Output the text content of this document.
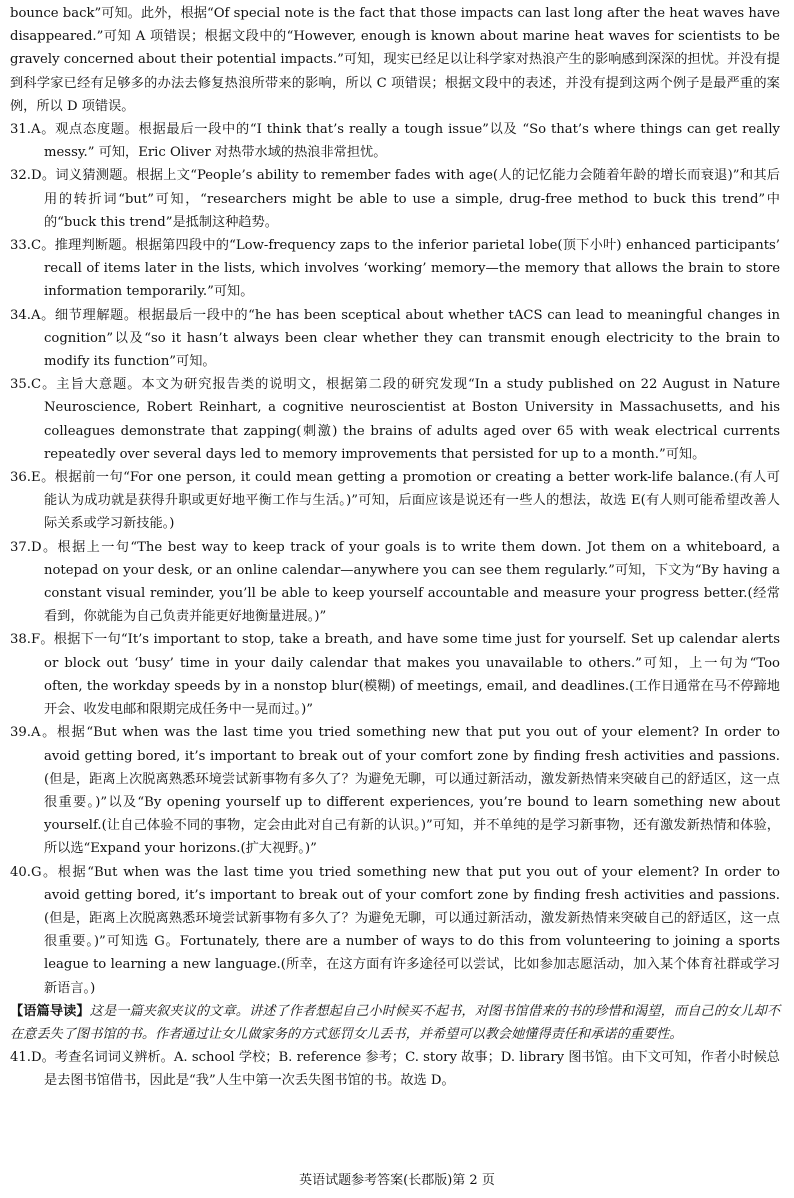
bounce back”可知。此外，根据“Of special note is the fact that those impacts can last long after the heat waves have disappeared.”可知 A 项错误；根据文段中的“However, enough is known about marine heat waves for scientists to be gravely concerned about their potential impacts.”可知，现实已经足以让科学家对热浪产生的影响感到深深的担忧。并没有提到科学家已经有足够多的办法去修复热浪所带来的影响，所以 C 项错误；根据文段中的表述，并没有提到这两个例子是最严重的案例，所以 D 项错误。

31.A。观点态度题。根据最后一段中的“I think that’s really a tough issue”以及 “So that’s where things can get really messy.” 可知，Eric Oliver 对热带水域的热浪非常担忧。

32.D。词义猜测题。根据上文“People’s ability to remember fades with age(人的记忆能力会随着年龄的增长而衰退)”和其后用的转折词“but”可知，“researchers might be able to use a simple, drug-free method to buck this trend”中的“buck this trend”是抵制这种趋势。

33.C。推理判断题。根据第四段中的“Low-frequency zaps to the inferior parietal lobe(顶下小叶) enhanced participants’ recall of items later in the lists, which involves ‘working’ memory—the memory that allows the brain to store information temporarily.”可知。

34.A。细节理解题。根据最后一段中的“he has been sceptical about whether tACS can lead to meaningful changes in cognition”以及“so it hasn’t always been clear whether they can transmit enough electricity to the brain to modify its function”可知。

35.C。主旨大意题。本文为研究报告类的说明文，根据第二段的研究发现“In a study published on 22 August in Nature Neuroscience, Robert Reinhart, a cognitive neuroscientist at Boston University in Massachusetts, and his colleagues demonstrate that zapping(刺激) the brains of adults aged over 65 with weak electrical currents repeatedly over several days led to memory improvements that persisted for up to a month.”可知。

36.E。根据前一句“For one person, it could mean getting a promotion or creating a better work-life balance.(有人可能认为成功就是获得升职或更好地平衡工作与生活。)”可知，后面应该是说还有一些人的想法，故选 E(有人则可能希望改善人际关系或学习新技能。)

37.D。根据上一句“The best way to keep track of your goals is to write them down. Jot them on a whiteboard, a notepad on your desk, or an online calendar—anywhere you can see them regularly.”可知，下文为“By having a constant visual reminder, you’ll be able to keep yourself accountable and measure your progress better.(经常看到，你就能为自己负责并能更好地衡量进展。)”

38.F。根据下一句“It’s important to stop, take a breath, and have some time just for yourself. Set up calendar alerts or block out ‘busy’ time in your daily calendar that makes you unavailable to others.”可知，上一句为“Too often, the workday speeds by in a nonstop blur(模糊) of meetings, email, and deadlines.(工作日通常在马不停蹄地开会、收发电邮和限期完成任务中一晃而过。)”

39.A。根据“But when was the last time you tried something new that put you out of your element? In order to avoid getting bored, it’s important to break out of your comfort zone by finding fresh activities and passions.(但是，距离上次脱离熟悉环境尝试新事物有多久了？为避免无聊，可以通过新活动，激发新热情来突破自己的舒适区，这一点很重要。)”以及“By opening yourself up to different experiences, you’re bound to learn something new about yourself.(让自己体验不同的事物，定会由此对自己有新的认识。)”可知，并不单纯的是学习新事物，还有激发新热情和体验，所以选“Expand your horizons.(扩大视野。)”

40.G。根据“But when was the last time you tried something new that put you out of your element? In order to avoid getting bored, it’s important to break out of your comfort zone by finding fresh activities and passions.(但是，距离上次脱离熟悉环境尝试新事物有多久了？为避免无聊，可以通过新活动，激发新热情来突破自己的舒适区，这一点很重要。)”可知选 G。Fortunately, there are a number of ways to do this from volunteering to joining a sports league to learning a new language.(所幸，在这方面有许多途径可以尝试，比如参加志愿活动，加入某个体育社群或学习新语言。)

【语篇导读】这是一篇夹叙夹议的文章。讲述了作者想起自己小时候买不起书，对图书馆借来的书的珍惜和渴望，而自己的女儿却不在意丢失了图书馆的书。作者通过让女儿做家务的方式惩罚女儿丢书，并希望可以教会她懂得责任和承诺的重要性。

41.D。考查名词词义辨析。A. school 学校；B. reference 参考；C. story 故事；D. library 图书馆。由下文可知，作者小时候总是去图书馆借书，因此是“我”人生中第一次丢失图书馆的书。故选 D。

英语试题参考答案(长郡版)第 2 页
